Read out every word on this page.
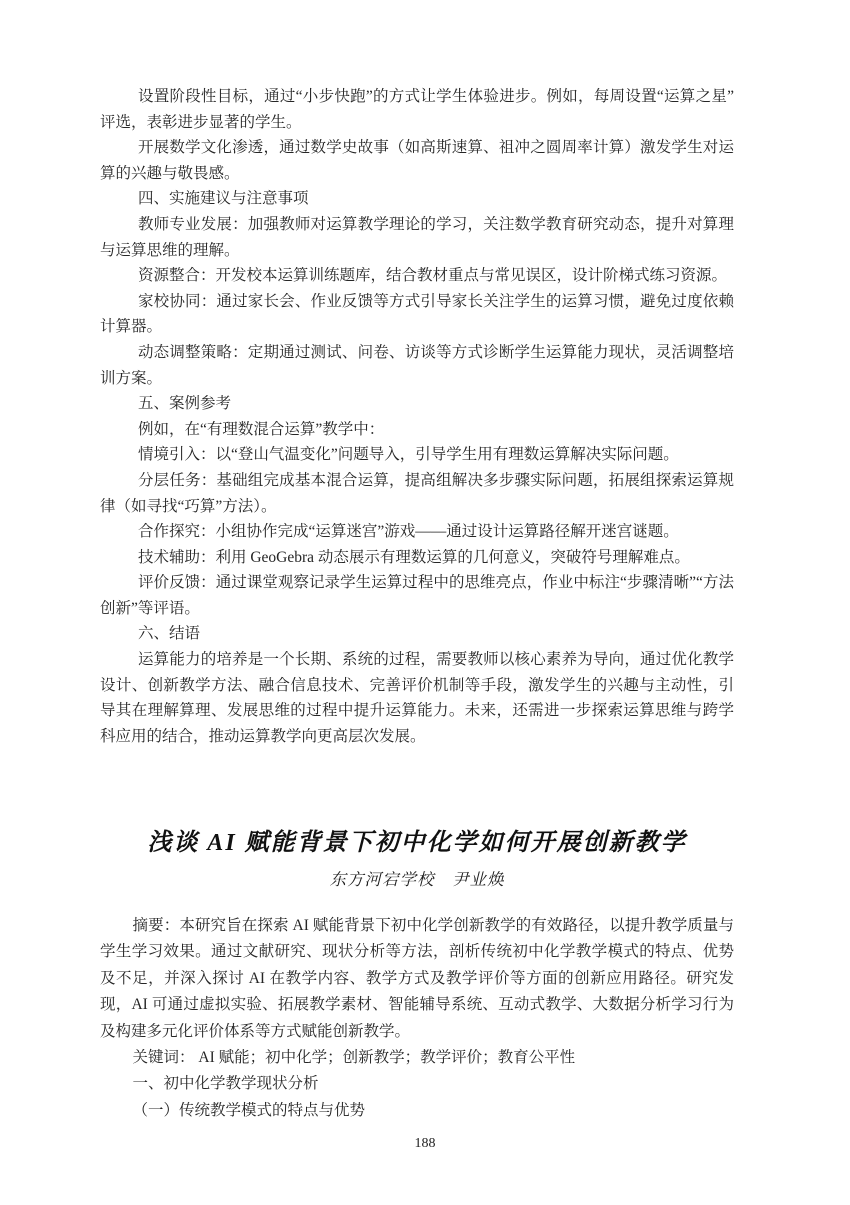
设置阶段性目标，通过“小步快跑”的方式让学生体验进步。例如，每周设置“运算之星”评选，表彰进步显著的学生。

开展数学文化渗透，通过数学史故事（如高斯速算、祖冲之圆周率计算）激发学生对运算的兴趣与敬畏感。

四、实施建议与注意事项

教师专业发展：加强教师对运算教学理论的学习，关注数学教育研究动态，提升对算理与运算思维的理解。

资源整合：开发校本运算训练题库，结合教材重点与常见误区，设计阶梯式练习资源。

家校协同：通过家长会、作业反馈等方式引导家长关注学生的运算习惯，避免过度依赖计算器。

动态调整策略：定期通过测试、问卷、访谈等方式诊断学生运算能力现状，灵活调整培训方案。

五、案例参考

例如，在“有理数混合运算”教学中：

情境引入：以“登山气温变化”问题导入，引导学生用有理数运算解决实际问题。

分层任务：基础组完成基本混合运算，提高组解决多步骤实际问题，拓展组探索运算规律（如寻找“巧算”方法）。

合作探究：小组协作完成“运算迷宫”游戏——通过设计运算路径解开迷宫谜题。

技术辅助：利用 GeoGebra 动态展示有理数运算的几何意义，突破符号理解难点。

评价反馈：通过课堂观察记录学生运算过程中的思维亮点，作业中标注“步骤清晰”“方法创新”等评语。

六、结语

运算能力的培养是一个长期、系统的过程，需要教师以核心素养为导向，通过优化教学设计、创新教学方法、融合信息技术、完善评价机制等手段，激发学生的兴趣与主动性，引导其在理解算理、发展思维的过程中提升运算能力。未来，还需进一步探索运算思维与跨学科应用的结合，推动运算教学向更高层次发展。

浅谈 AI 赋能背景下初中化学如何开展创新教学
东方河宕学校　尹业焕

摘要：本研究旨在探索 AI 赋能背景下初中化学创新教学的有效路径，以提升教学质量与学生学习效果。通过文献研究、现状分析等方法，剖析传统初中化学教学模式的特点、优势及不足，并深入探讨 AI 在教学内容、教学方式及教学评价等方面的创新应用路径。研究发现，AI 可通过虚拟实验、拓展教学素材、智能辅导系统、互动式教学、大数据分析学习行为及构建多元化评价体系等方式赋能创新教学。

关键词： AI 赋能；初中化学；创新教学；教学评价；教育公平性

一、初中化学教学现状分析

（一）传统教学模式的特点与优势

188
